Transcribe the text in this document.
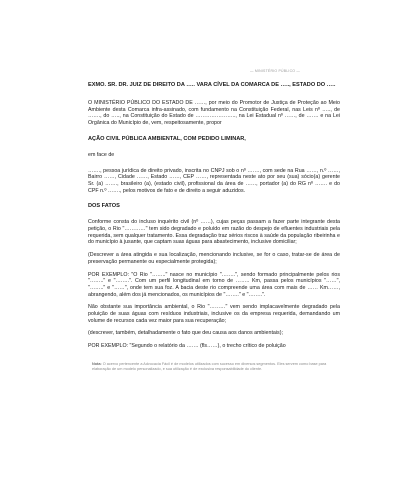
— MINISTÉRIO PÚBLICO —

EXMO. SR. DR. JUIZ DE DIREITO DA ….. VARA CÍVEL DA COMARCA DE ….., ESTADO DO …..

O MINISTÉRIO PÚBLICO DO ESTADO DE ……, por meio do Promotor de Justiça de Proteção ao Meio Ambiente desta Comarca infra-assinado, com fundamento na Constituição Federal, nas Leis nº ….., de ……., do ….., na Constituição do Estado de ………………….., na Lei Estadual nº ……, de ……. e na Lei Orgânica do Município de, vem, respeitosamente, propor

AÇÃO CIVIL PÚBLICA AMBIENTAL, COM PEDIDO LIMINAR,

em face de

……., pessoa jurídica de direito privado, inscrita no CNPJ sob o nº ……., com sede na Rua ……, n.º ……, Bairro ……, Cidade ……, Estado ……, CEP ……, representada neste ato por seu (sua) sócio(a) gerente Sr. (a) ……., brasileiro (a), (estado civil), profissional da área de ……, portador (a) do RG nº ……. e do CPF n.º ……., pelos motivos de fato e de direito a seguir aduzidos.

DOS FATOS

Conforme consta do incluso inquérito civil (nº ……), cujas peças passam a fazer parte integrante desta petição, o Rio "…………" tem sido degradado e poluído em razão do despejo de efluentes industriais pela requerida, sem qualquer tratamento. Essa degradação traz sérios riscos à saúde da população ribeirinha e do município à jusante, que captam suas águas para abastecimento, inclusive domiciliar;

(Descrever a área atingida e sua localização, mencionando inclusive, se for o caso, tratar-se de área de preservação permanente ou especialmente protegida);

POR EXEMPLO: "O Rio "…….." nasce no município "……..", sendo formado principalmente pelos rios "…….." e "……..". Com um perfil longitudinal em torno de …….. Km, passa pelos municípios "……", "…….." e "……", onde tem sua foz. A bacia deste rio compreende uma área com mais de …… Km……, abrangendo, além dos já mencionados, os municípios de "…….." e "……..".

Não obstante sua importância ambiental, o Rio "………" vem sendo implacavelmente degradado pela poluição de suas águas com resíduos industriais, inclusive os da empresa requerida, demandando um volume de recursos cada vez maior para sua recuperação;

(descrever, também, detalhadamente o fato que deu causa aos danos ambientais);

POR EXEMPLO: "Segundo o relatório da ……. (fls……), o trecho crítico de poluição

Nota: O acervo pertencente a Advocacia Fácil é de modelos utilizados com sucesso em diversos segmentos. Eles servem como base para elaboração de um modelo personalizado, e sua utilização é de exclusiva responsabilidade do cliente.
